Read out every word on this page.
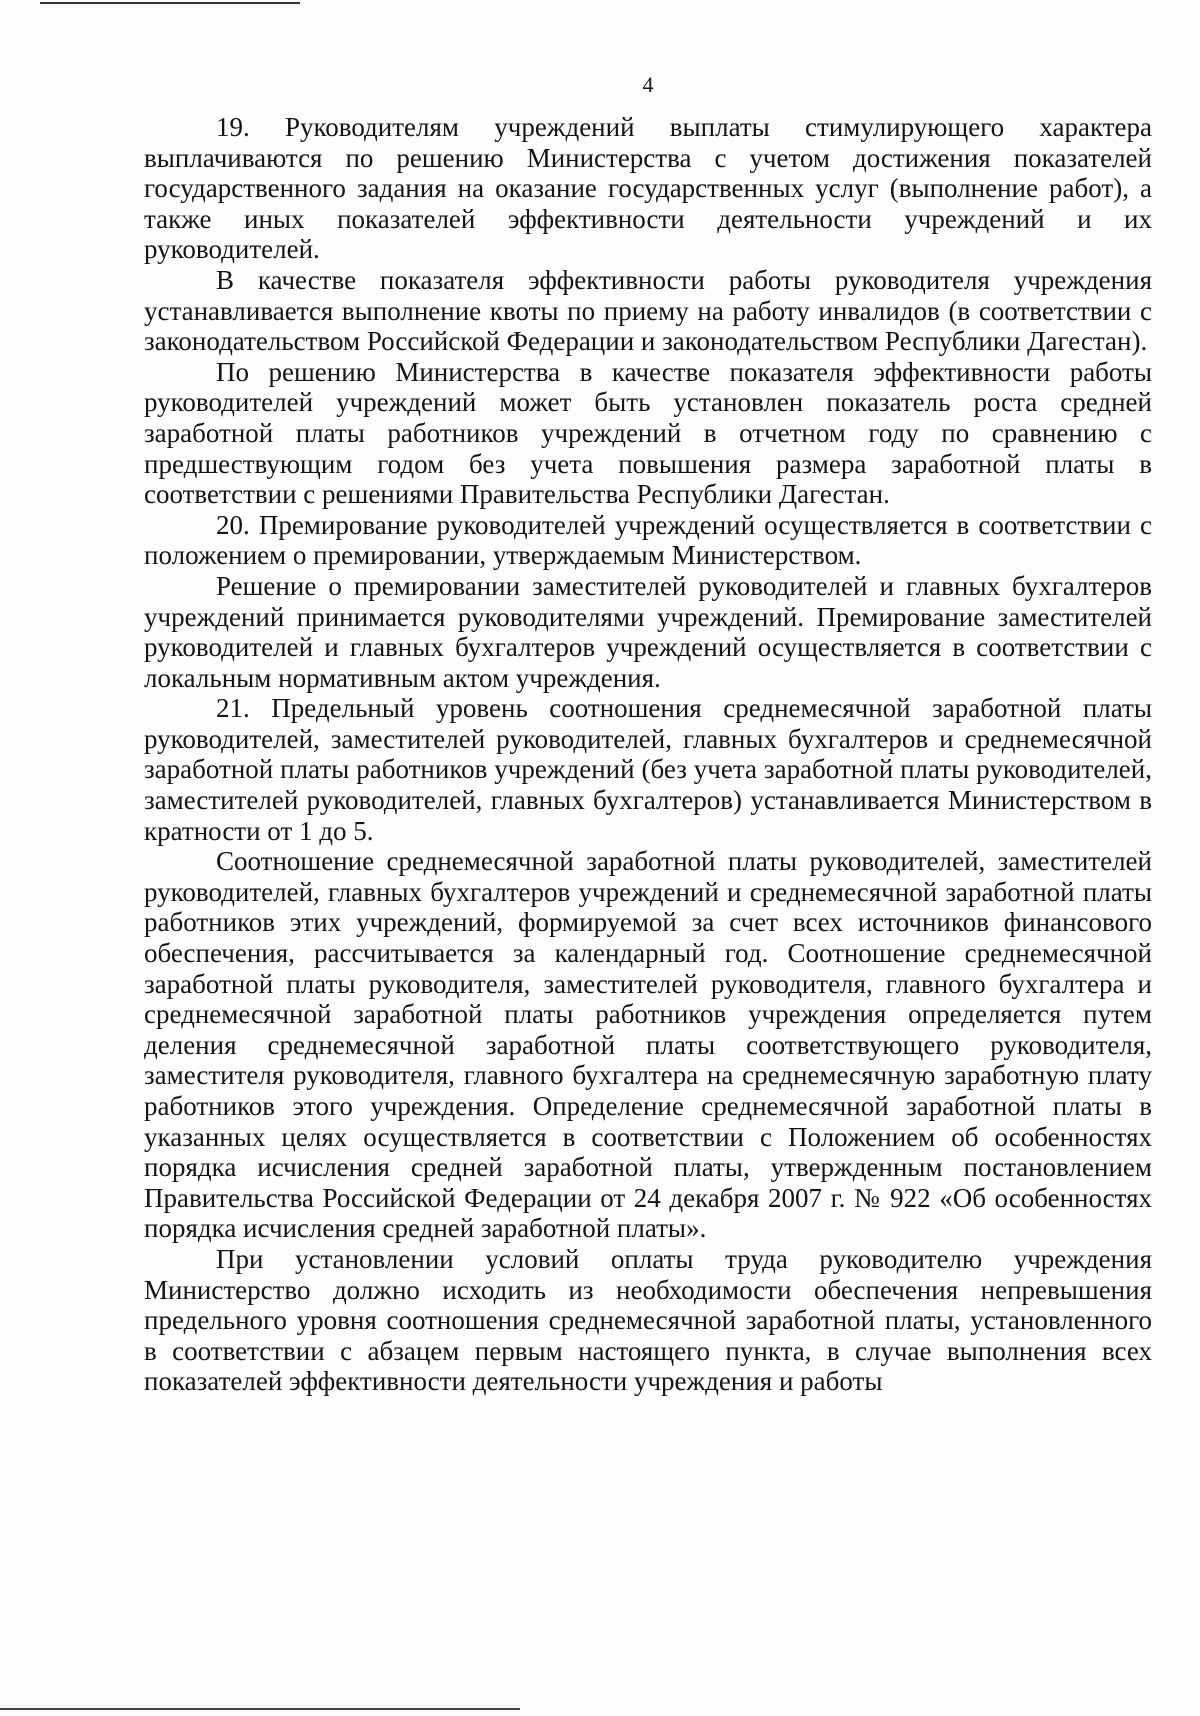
4

19. Руководителям учреждений выплаты стимулирующего характера выплачиваются по решению Министерства с учетом достижения показателей государственного задания на оказание государственных услуг (выполнение работ), а также иных показателей эффективности деятельности учреждений и их руководителей.

В качестве показателя эффективности работы руководителя учреждения устанавливается выполнение квоты по приему на работу инвалидов (в соответствии с законодательством Российской Федерации и законодательством Республики Дагестан).

По решению Министерства в качестве показателя эффективности работы руководителей учреждений может быть установлен показатель роста средней заработной платы работников учреждений в отчетном году по сравнению с предшествующим годом без учета повышения размера заработной платы в соответствии с решениями Правительства Республики Дагестан.

20. Премирование руководителей учреждений осуществляется в соответствии с положением о премировании, утверждаемым Министерством.

Решение о премировании заместителей руководителей и главных бухгалтеров учреждений принимается руководителями учреждений. Премирование заместителей руководителей и главных бухгалтеров учреждений осуществляется в соответствии с локальным нормативным актом учреждения.

21. Предельный уровень соотношения среднемесячной заработной платы руководителей, заместителей руководителей, главных бухгалтеров и среднемесячной заработной платы работников учреждений (без учета заработной платы руководителей, заместителей руководителей, главных бухгалтеров) устанавливается Министерством в кратности от 1 до 5.

Соотношение среднемесячной заработной платы руководителей, заместителей руководителей, главных бухгалтеров учреждений и среднемесячной заработной платы работников этих учреждений, формируемой за счет всех источников финансового обеспечения, рассчитывается за календарный год. Соотношение среднемесячной заработной платы руководителя, заместителей руководителя, главного бухгалтера и среднемесячной заработной платы работников учреждения определяется путем деления среднемесячной заработной платы соответствующего руководителя, заместителя руководителя, главного бухгалтера на среднемесячную заработную плату работников этого учреждения. Определение среднемесячной заработной платы в указанных целях осуществляется в соответствии с Положением об особенностях порядка исчисления средней заработной платы, утвержденным постановлением Правительства Российской Федерации от 24 декабря 2007 г. № 922 «Об особенностях порядка исчисления средней заработной платы».

При установлении условий оплаты труда руководителю учреждения Министерство должно исходить из необходимости обеспечения непревышения предельного уровня соотношения среднемесячной заработной платы, установленного в соответствии с абзацем первым настоящего пункта, в случае выполнения всех показателей эффективности деятельности учреждения и работы
